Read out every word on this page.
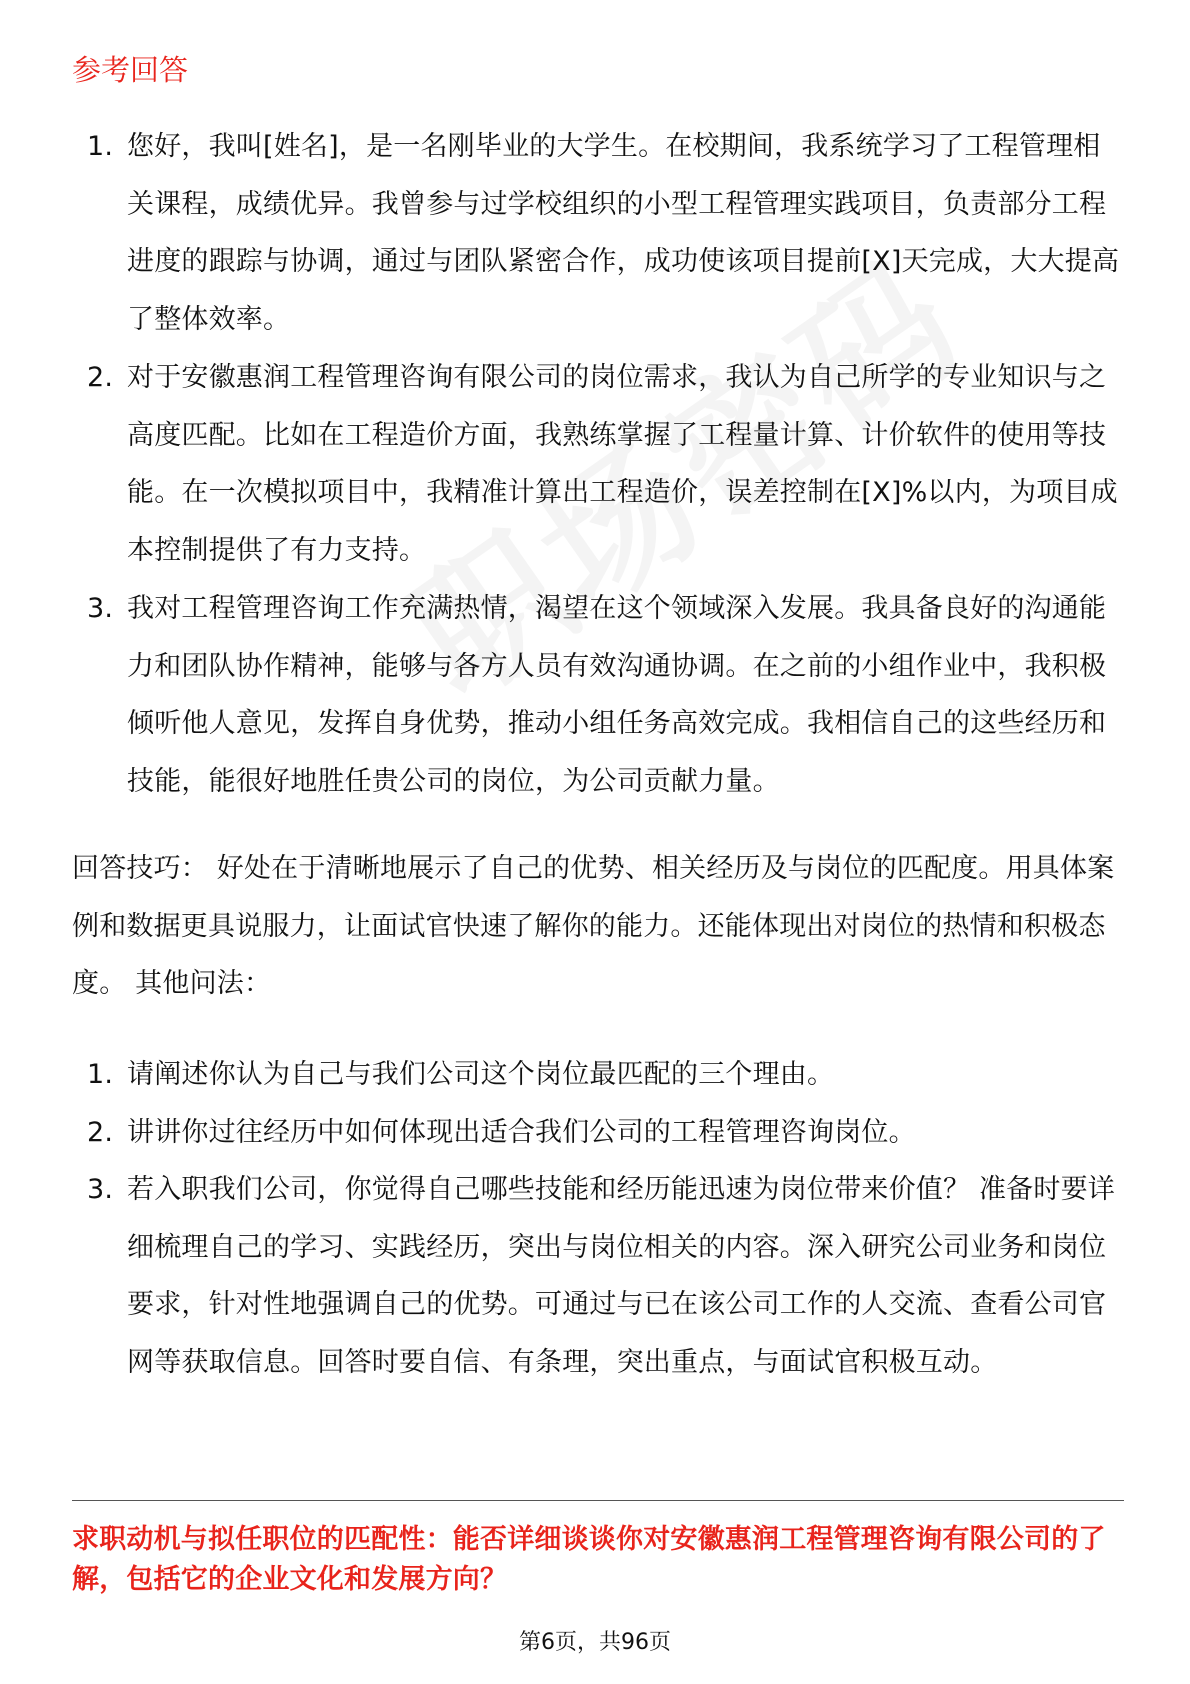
参考回答
1. 您好，我叫[姓名]，是一名刚毕业的大学生。在校期间，我系统学习了工程管理相关课程，成绩优异。我曾参与过学校组织的小型工程管理实践项目，负责部分工程进度的跟踪与协调，通过与团队紧密合作，成功使该项目提前[X]天完成，大大提高了整体效率。
2. 对于安徽惠润工程管理咨询有限公司的岗位需求，我认为自己所学的专业知识与之高度匹配。比如在工程造价方面，我熟练掌握了工程量计算、计价软件的使用等技能。在一次模拟项目中，我精准计算出工程造价，误差控制在[X]%以内，为项目成本控制提供了有力支持。
3. 我对工程管理咨询工作充满热情，渴望在这个领域深入发展。我具备良好的沟通能力和团队协作精神，能够与各方人员有效沟通协调。在之前的小组作业中，我积极倾听他人意见，发挥自身优势，推动小组任务高效完成。我相信自己的这些经历和技能，能很好地胜任贵公司的岗位，为公司贡献力量。

回答技巧： 好处在于清晰地展示了自己的优势、相关经历及与岗位的匹配度。用具体案例和数据更具说服力，让面试官快速了解你的能力。还能体现出对岗位的热情和积极态度。 其他问法：

1. 请阐述你认为自己与我们公司这个岗位最匹配的三个理由。
2. 讲讲你过往经历中如何体现出适合我们公司的工程管理咨询岗位。
3. 若入职我们公司，你觉得自己哪些技能和经历能迅速为岗位带来价值？ 准备时要详细梳理自己的学习、实践经历，突出与岗位相关的内容。深入研究公司业务和岗位要求，针对性地强调自己的优势。可通过与已在该公司工作的人交流、查看公司官网等获取信息。回答时要自信、有条理，突出重点，与面试官积极互动。

求职动机与拟任职位的匹配性：能否详细谈谈你对安徽惠润工程管理咨询有限公司的了解，包括它的企业文化和发展方向？

第6页，共96页
